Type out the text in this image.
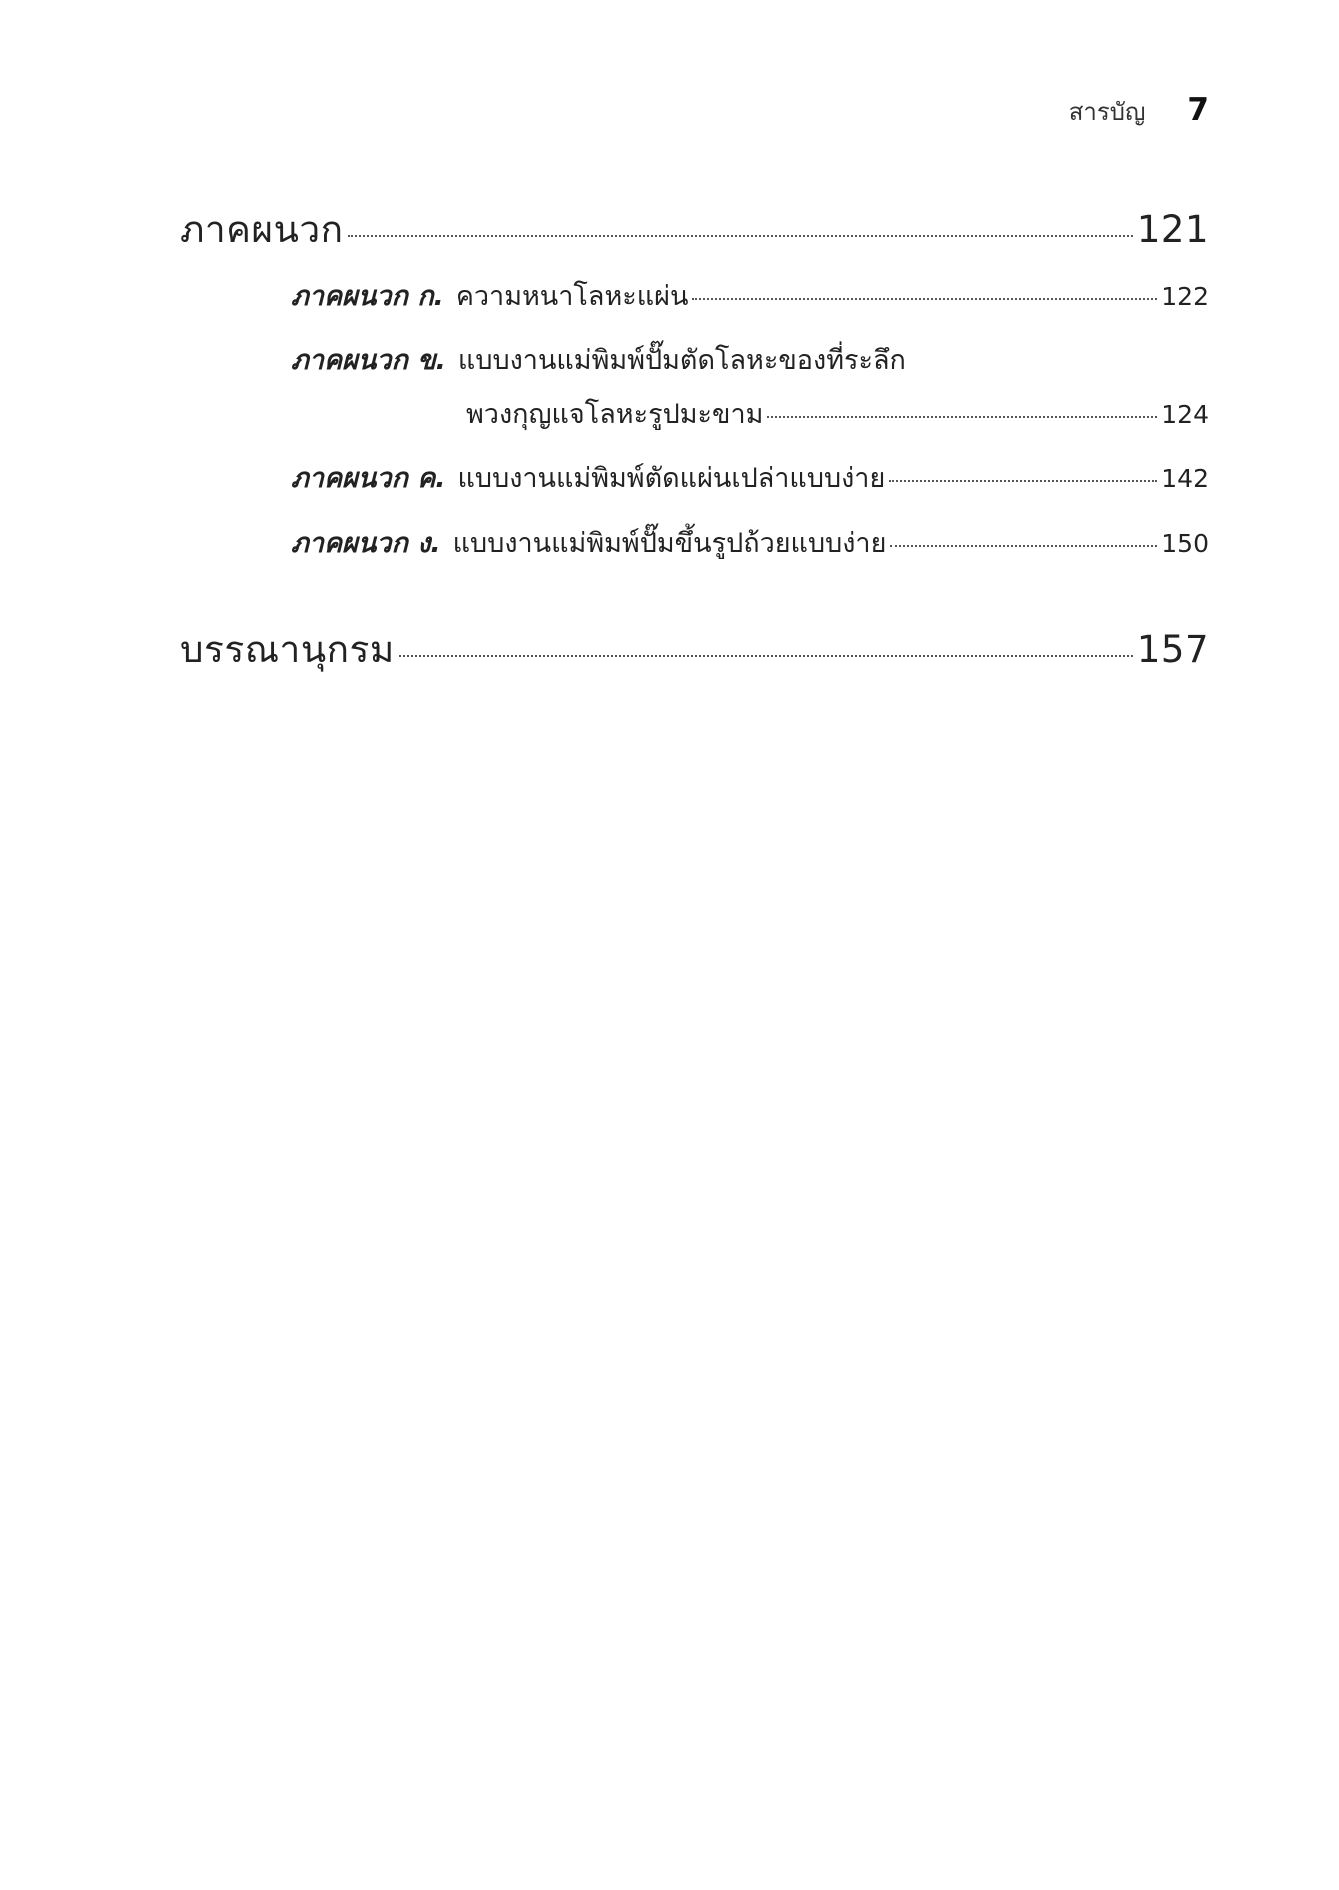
สารบัญ 7
ภาคผนวก	121
ภาคผนวก ก. ความหนาโลหะแผ่น	122
ภาคผนวก ข. แบบงานแม่พิมพ์ปั๊มตัดโลหะของที่ระลึก
พวงกุญแจโลหะรูปมะขาม	124
ภาคผนวก ค. แบบงานแม่พิมพ์ตัดแผ่นเปล่าแบบง่าย	142
ภาคผนวก ง. แบบงานแม่พิมพ์ปั๊มขึ้นรูปถ้วยแบบง่าย	150
บรรณานุกรม	157
